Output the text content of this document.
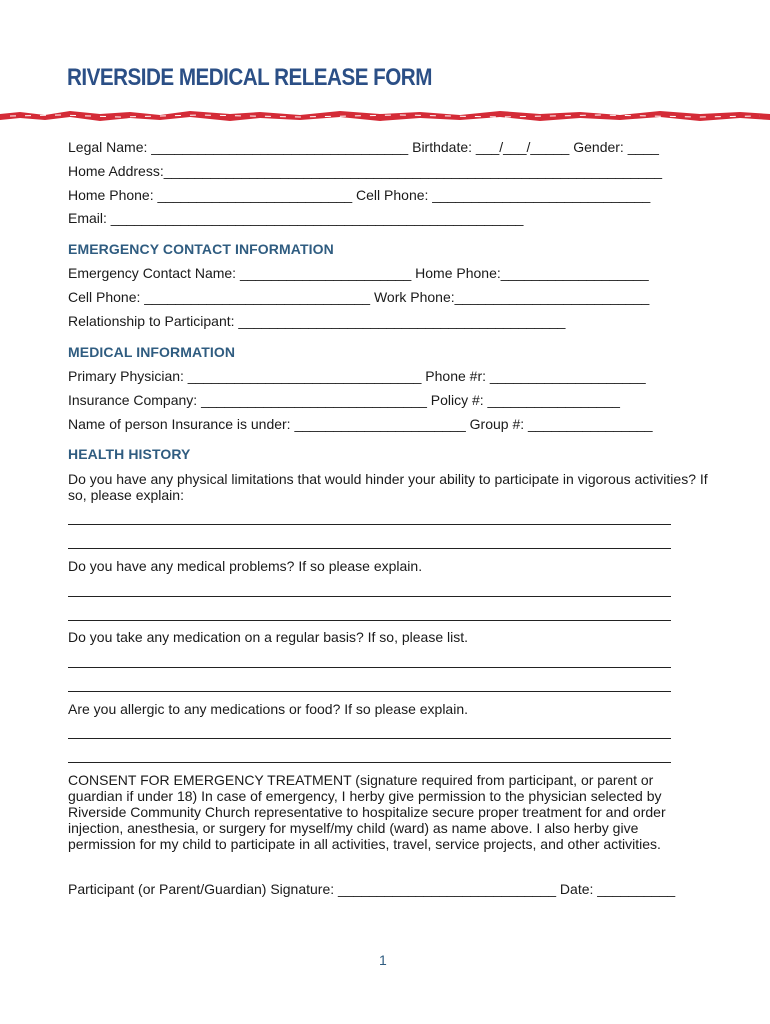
RIVERSIDE MEDICAL RELEASE FORM
Legal Name: _________________________________ Birthdate: ___/___/_____ Gender: ____
Home Address:________________________________________________________________
Home Phone: _________________________ Cell Phone: ____________________________
Email: _____________________________________________________
EMERGENCY CONTACT INFORMATION
Emergency Contact Name: ______________________ Home Phone:___________________
Cell Phone: _____________________________ Work Phone:_________________________
Relationship to Participant: __________________________________________
MEDICAL INFORMATION
Primary Physician: ______________________________ Phone #r: ____________________
Insurance Company: _____________________________ Policy #: _________________
Name of person Insurance is under: ______________________ Group #: ________________
HEALTH HISTORY
Do you have any physical limitations that would hinder your ability to participate in vigorous activities? If so, please explain:
Do you have any medical problems? If so please explain.
Do you take any medication on a regular basis? If so, please list.
Are you allergic to any medications or food? If so please explain.
CONSENT FOR EMERGENCY TREATMENT (signature required from participant, or parent or guardian if under 18) In case of emergency, I herby give permission to the physician selected by Riverside Community Church representative to hospitalize secure proper treatment for and order injection, anesthesia, or surgery for myself/my child (ward) as name above. I also herby give permission for my child to participate in all activities, travel, service projects, and other activities.
Participant (or Parent/Guardian) Signature: ____________________________ Date: __________
1
